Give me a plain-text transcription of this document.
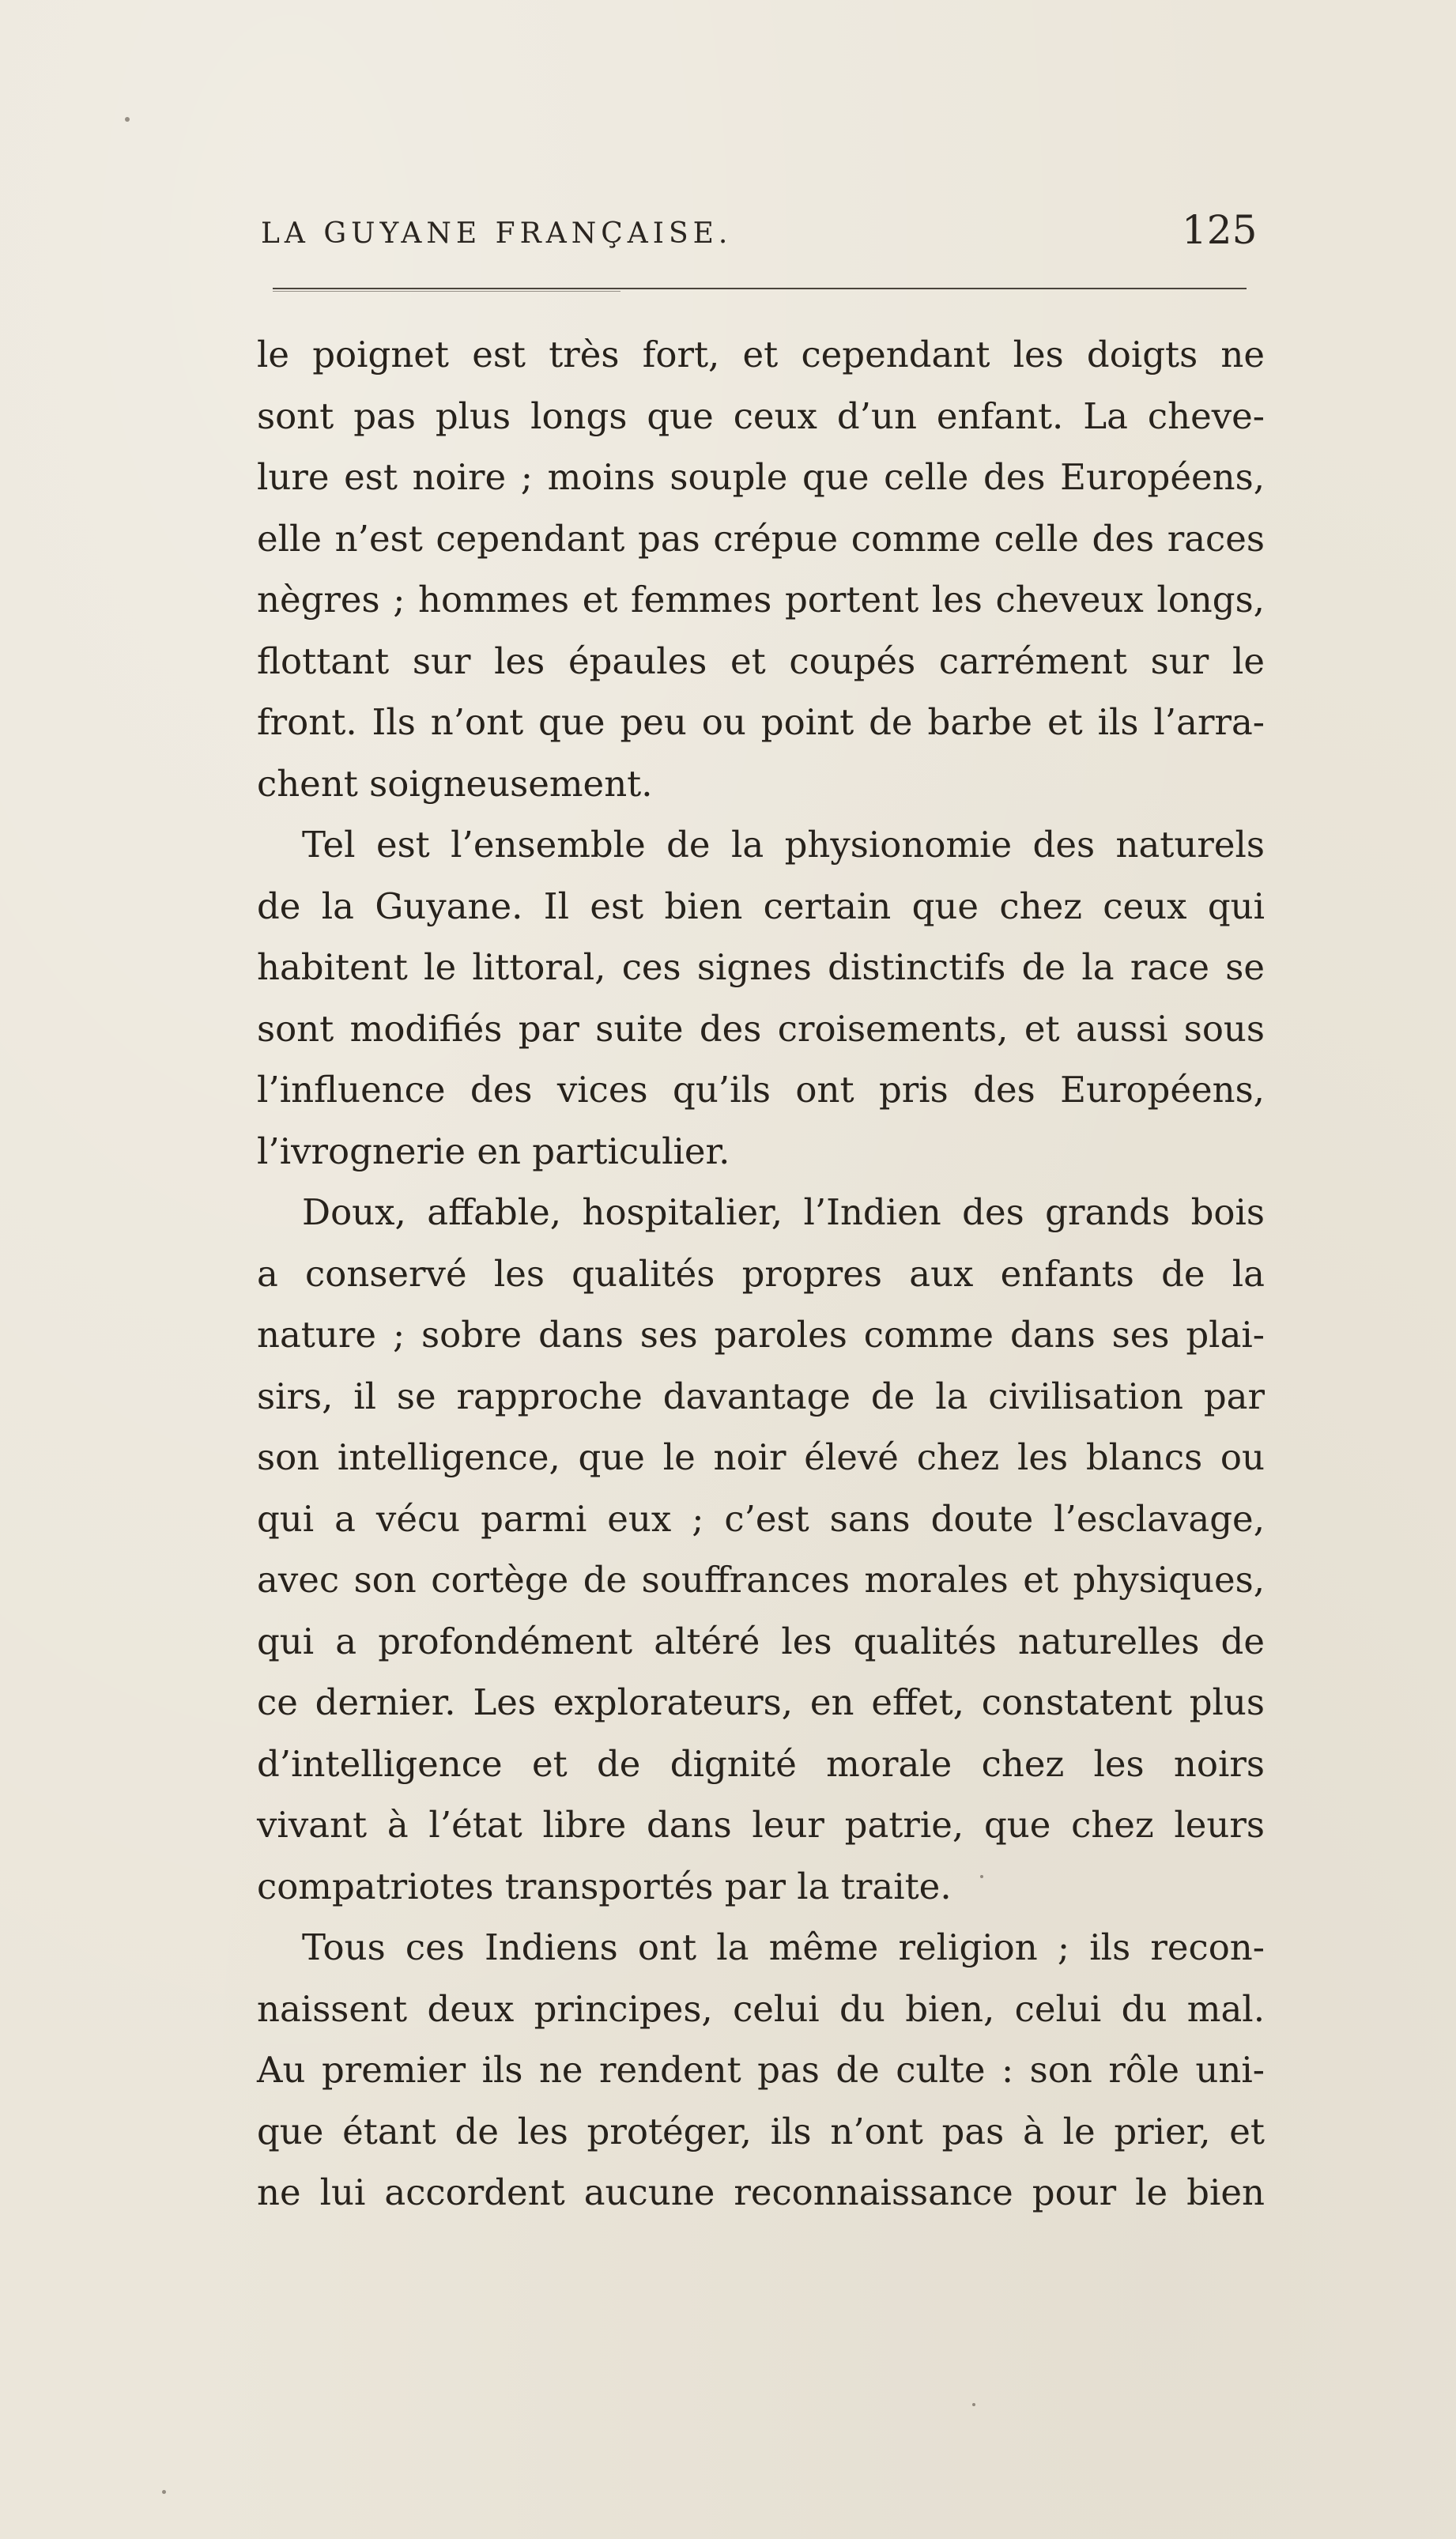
LA GUYANE FRANÇAISE.	125
le poignet est très fort, et cependant les doigts ne
sont pas plus longs que ceux d’un enfant. La cheve-
lure est noire ; moins souple que celle des Européens,
elle n’est cependant pas crépue comme celle des races
nègres ; hommes et femmes portent les cheveux longs,
flottant sur les épaules et coupés carrément sur le
front. Ils n’ont que peu ou point de barbe et ils l’arra-
chent soigneusement.
Tel est l’ensemble de la physionomie des naturels
de la Guyane. Il est bien certain que chez ceux qui
habitent le littoral, ces signes distinctifs de la race se
sont modifiés par suite des croisements, et aussi sous
l’influence des vices qu’ils ont pris des Européens,
l’ivrognerie en particulier.
Doux, affable, hospitalier, l’Indien des grands bois
a conservé les qualités propres aux enfants de la
nature ; sobre dans ses paroles comme dans ses plai-
sirs, il se rapproche davantage de la civilisation par
son intelligence, que le noir élevé chez les blancs ou
qui a vécu parmi eux ; c’est sans doute l’esclavage,
avec son cortège de souffrances morales et physiques,
qui a profondément altéré les qualités naturelles de
ce dernier. Les explorateurs, en effet, constatent plus
d’intelligence et de dignité morale chez les noirs
vivant à l’état libre dans leur patrie, que chez leurs
compatriotes transportés par la traite.
Tous ces Indiens ont la même religion ; ils recon-
naissent deux principes, celui du bien, celui du mal.
Au premier ils ne rendent pas de culte : son rôle uni-
que étant de les protéger, ils n’ont pas à le prier, et
ne lui accordent aucune reconnaissance pour le bien
